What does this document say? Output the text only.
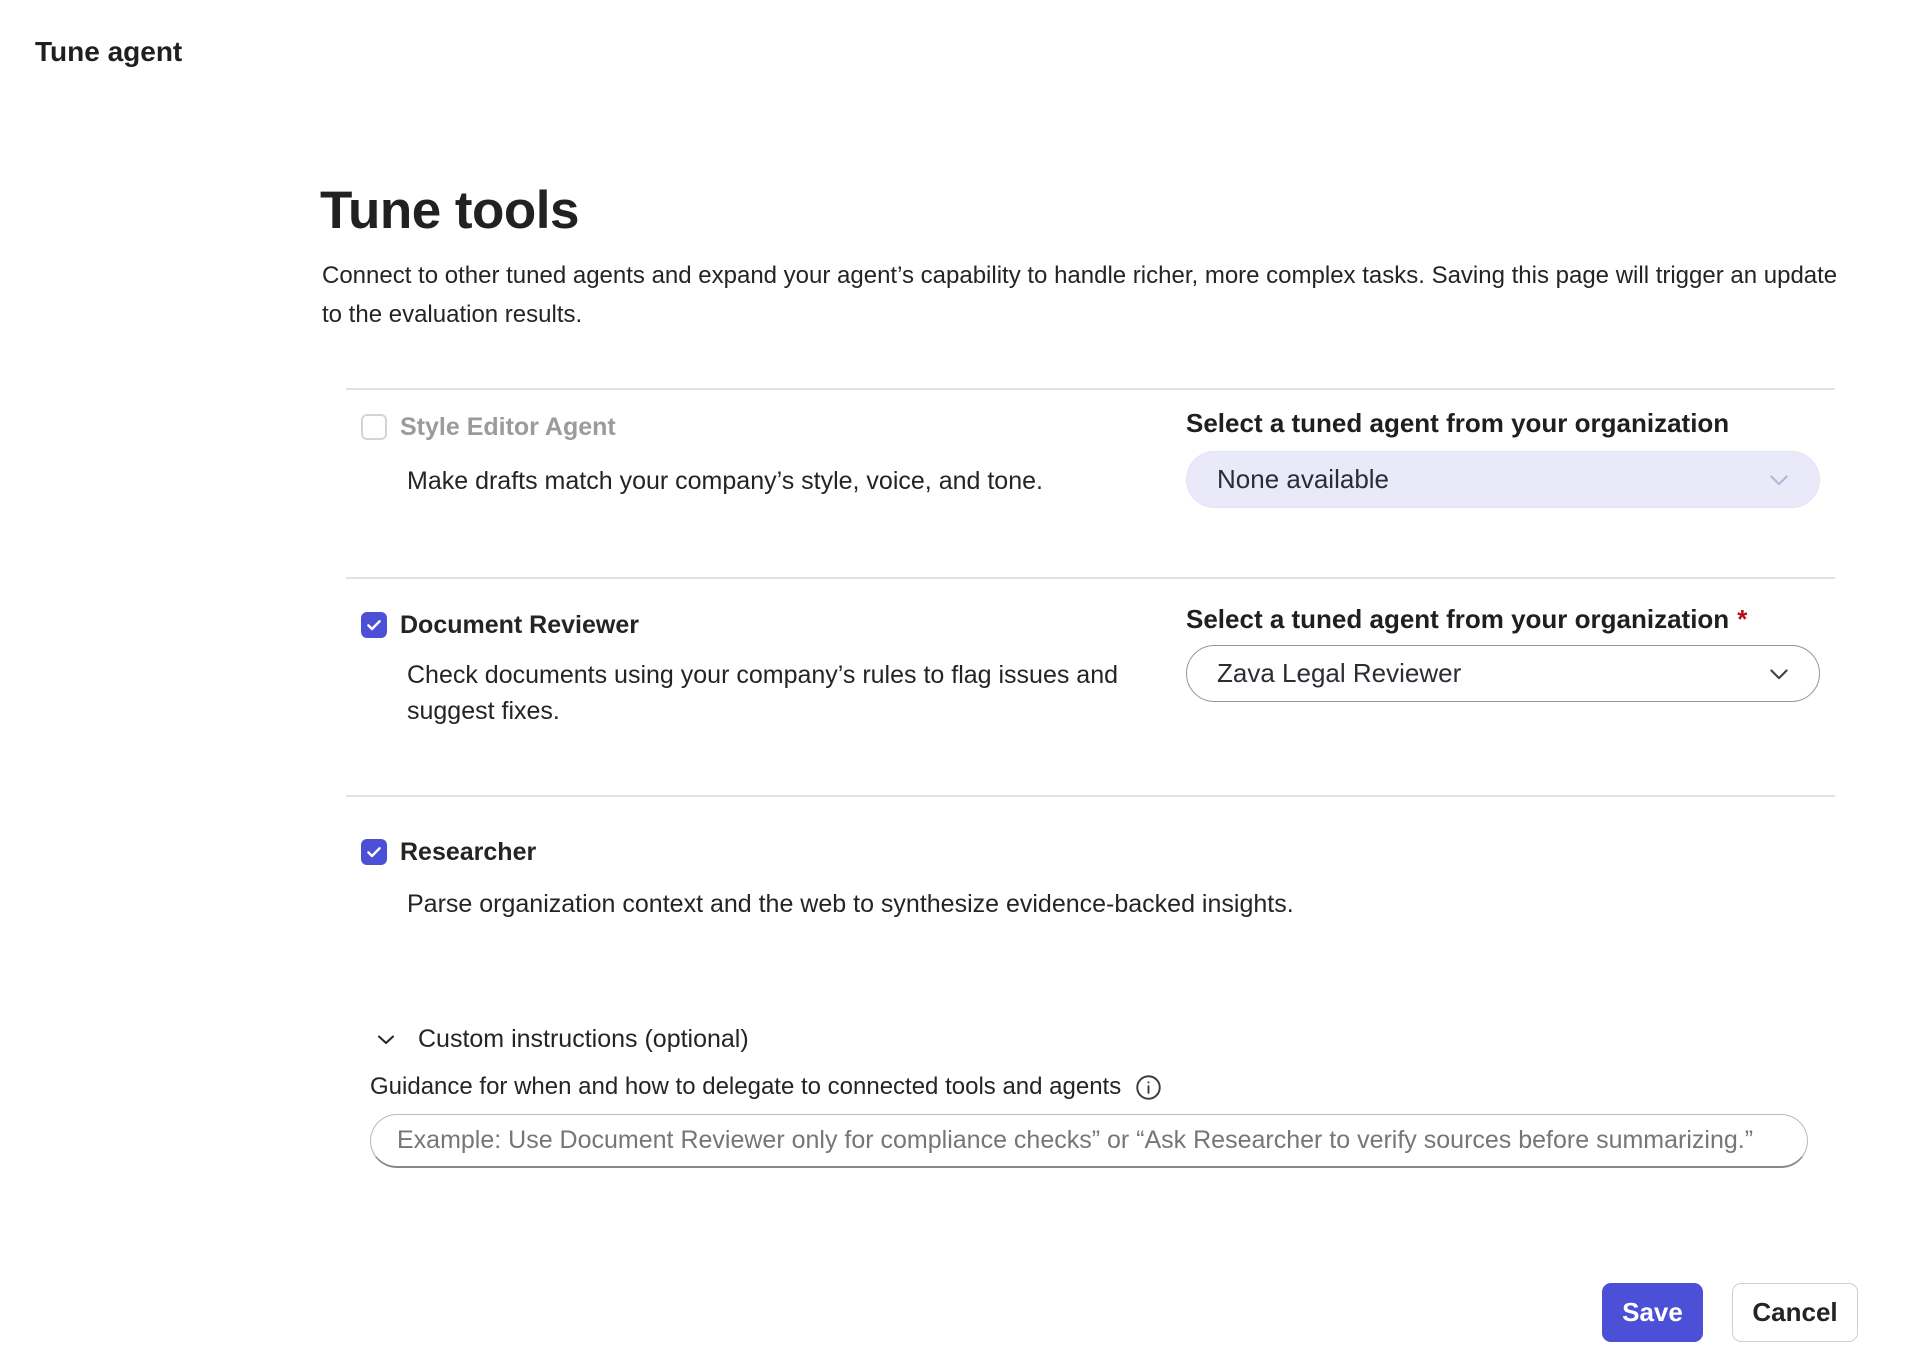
Tune agent
Tune tools

Connect to other tuned agents and expand your agent’s capability to handle richer, more complex tasks. Saving this page will trigger an update to the evaluation results.

Style Editor Agent
Make drafts match your company’s style, voice, and tone.
Select a tuned agent from your organization
None available
Document Reviewer
Check documents using your company’s rules to flag issues and suggest fixes.
Select a tuned agent from your organization *
Zava Legal Reviewer
Researcher
Parse organization context and the web to synthesize evidence-backed insights.
Custom instructions (optional)
Guidance for when and how to delegate to connected tools and agents
Example: Use Document Reviewer only for compliance checks” or “Ask Researcher to verify sources before summarizing.”
Save	Cancel
